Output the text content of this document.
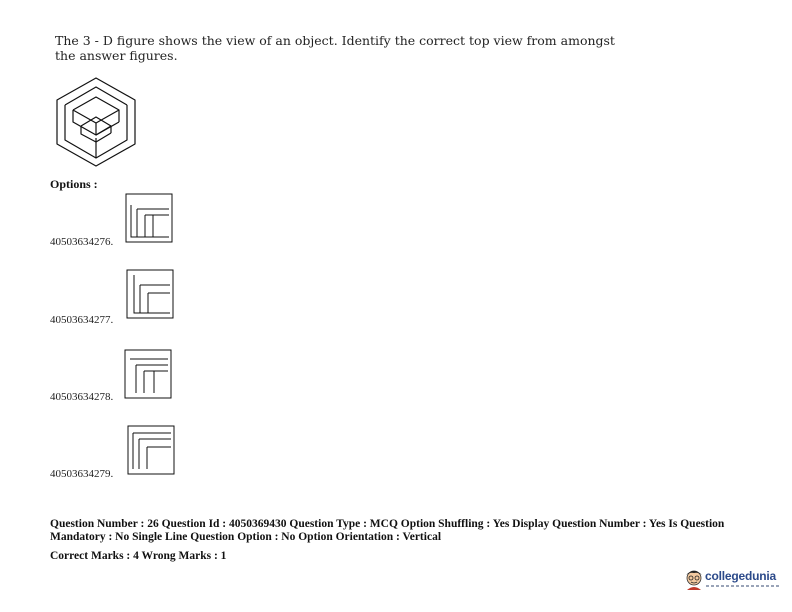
The 3 - D figure shows the view of an object. Identify the correct top view from amongst the answer figures.
Options :
40503634276.
40503634277.
40503634278.
40503634279.
Question Number : 26 Question Id : 4050369430 Question Type : MCQ Option Shuffling : Yes Display Question Number : Yes Is Question Mandatory : No Single Line Question Option : No Option Orientation : Vertical
Correct Marks : 4 Wrong Marks : 1
collegedunia
